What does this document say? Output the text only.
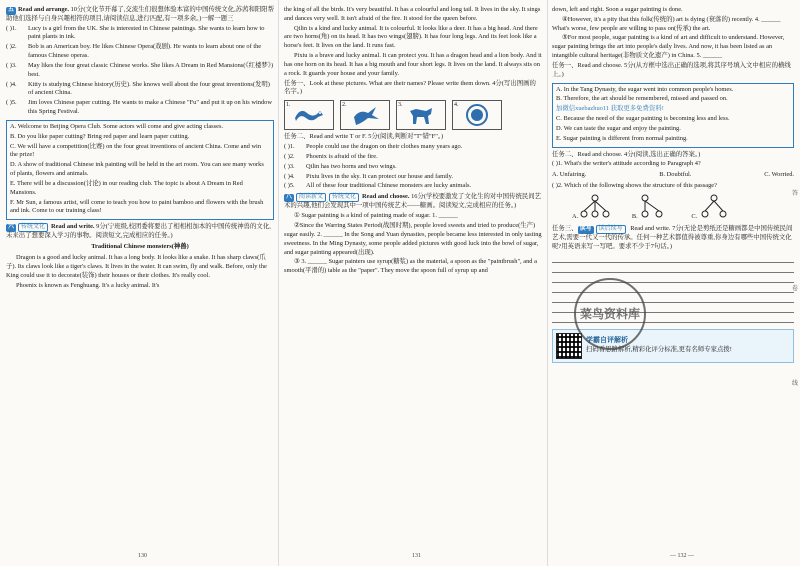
五 Read and arrange. 10分(文化节开幕了,交流生们很想体验本富的中国传统文化,苏茜和阳阳帮助他们选择与自身兴趣相符的项目,请阅读信息,进行匹配,有一项多余。)一解一题三

( )1.	Lucy is a girl from the UK. She is interested in Chinese paintings. She wants to learn how to paint plants in ink.
( )2.	Bob is an American boy. He likes Chinese Opera(戏剧). He wants to learn about one of the famous Chinese operas.
( )3.	May likes the four great classic Chinese works. She likes A Dream in Red Mansions(《红楼梦》) best.
( )4.	Kitty is studying Chinese history(历史). She knows well about the four great inventions(发明) of ancient China.
( )5.	Jim loves Chinese paper cutting. He wants to make a Chinese "Fu" and put it up on his window this Spring Festival.

A. Welcome to Beijing Opera Club. Some actors will come and give acting classes.

B. Do you like paper cutting? Bring red paper and learn paper cutting.

C. We will have a competition(比赛) on the four great inventions of ancient China. Come and win the prize!

D. A show of traditional Chinese ink painting will be held in the art room. You can see many works of plants, flowers and animals.

E. There will be a discussion(讨论) in our reading club. The topic is about A Dream in Red Mansions.

F. Mr Sun, a famous artist, will come to teach you how to paint bamboo and flowers with the brush and ink. Come to our training class!

六 传统文化 Read and write. 9分(宁班级,校团委将要出了相相相加本的中国传统神兽的文化,未来出了想要深入学习的事物。阅读短文,完成相应的任务。)

Traditional Chinese monsters(神兽)

Dragon is a good and lucky animal. It has a long body. It looks like a snake. It has sharp claws(爪子). Its claws look like a tiger's claws. It lives in the water. It can swim, fly and walk. Before, only the King could use it to decorate(装饰) their houses or their clothes. It's really cool.

Phoenix is known as Fenghuang. It's a lucky animal. It's

130

the king of all the birds. It's very beautiful. It has a colourful and long tail. It lives in the sky. It sings and dances very well. It isn't afraid of the fire. It stood for the queen before.

Qilin is a kind and lucky animal. It is colourful. It looks like a deer. It has a big head. And there are two horns(角) on its head. It has two wings(翅膀). It has four long legs. And its feet look like a horse's feet. It lives on the land. It runs fast.

Pixiu is a brave and lucky animal. It can protect you. It has a dragon head and a lion body. And it has one horn on its head. It has a big mouth and four short legs. It lives on the land. It always sits on a rock. It guards your house and your family.

任务一、Look at these pictures. What are their names? Please write them down. 4分(写出图画的名字。)

1.	2.	3.	4.

任务二、Read and write T or F. 5分(阅读,判断对"T"错"F"。)

( )1.	People could use the dragon on their clothes many years ago.
( )2.	Phoenix is afraid of the fire.
( )3.	Qilin has two horns and two wings.
( )4.	Pixiu lives in the sky. It can protect our house and family.
( )5.	All of these four traditional Chinese monsters are lucky animals.

八 阅读新文 传统文化 Read and choose. 16分(学校要激发了文化生的对中国传统民间艺术的兴趣,他们会发现其中一项中国传统艺术——糖画。阅读短文,完成相应的任务。)

① Sugar painting is a kind of painting made of sugar. 1. ______

②Since the Warring States Period(战国时期), people loved sweets and tried to produce(生产) sugar easily. 2. ______ In the Song and Yuan dynasties, people became less interested in only tasting sweetness. In the Ming Dynasty, some people added pictures with good luck into the bowl of sugar, and sugar painting appeared(出现).

③ 3. ______ Sugar painters use syrup(糖浆) as the material, a spoon as the "paintbrush", and a smooth(平滑的) table as the "paper". They move the spoon full of syrup up and

131

down, left and right. Soon a sugar painting is done.

④However, it's a pity that this folk(传统的) art is dying (衰落的) recently. 4. ______ What's worse, few people are willing to pass on(传承) the art.

⑤For most people, sugar painting is a kind of art and difficult to understand. However, sugar painting brings the art into people's daily lives. And now, it has been listed as an intangible cultural heritage(非物质文化遗产) in China. 5. ______

任务一、Read and choose. 5分(从方框中选出正确的选项,将其序号填入文中相应的横线上。)

A. In the Tang Dynasty, the sugar went into common people's homes.

B. Therefore, the art should be remembered, missed and passed on.

加微信xuebazhuo11 获取更多免费资料!

C. Because the need of the sugar painting is becoming less and less.

D. We can taste the sugar and enjoy the painting.

E. Sugar painting is different from normal painting.

任务二、Read and choose. 4分(阅读,选出正确的答案。)

( )1. What's the writer's attitude according to Paragraph 4?

A. Unfairing.	B. Doubtful.	C. Worried.

( )2. Which of the following shows the structure of this passage?

A.	B.	C.

任务三、 读写 读后续写 Read and write. 7分(无论是剪纸还是糖画都是中国传统民间艺术,需要一代又一代的传承。任何一种艺术都值得被尊重,你身边有哪些中国传统文化呢?用英语来写一写吧。要求不少于7句话。)

学霸自评解析
扫码看思路解析,精彩化评分标准,更有名师专家点拨!
— 132 —
菜鸟资料库
答
卷
线
